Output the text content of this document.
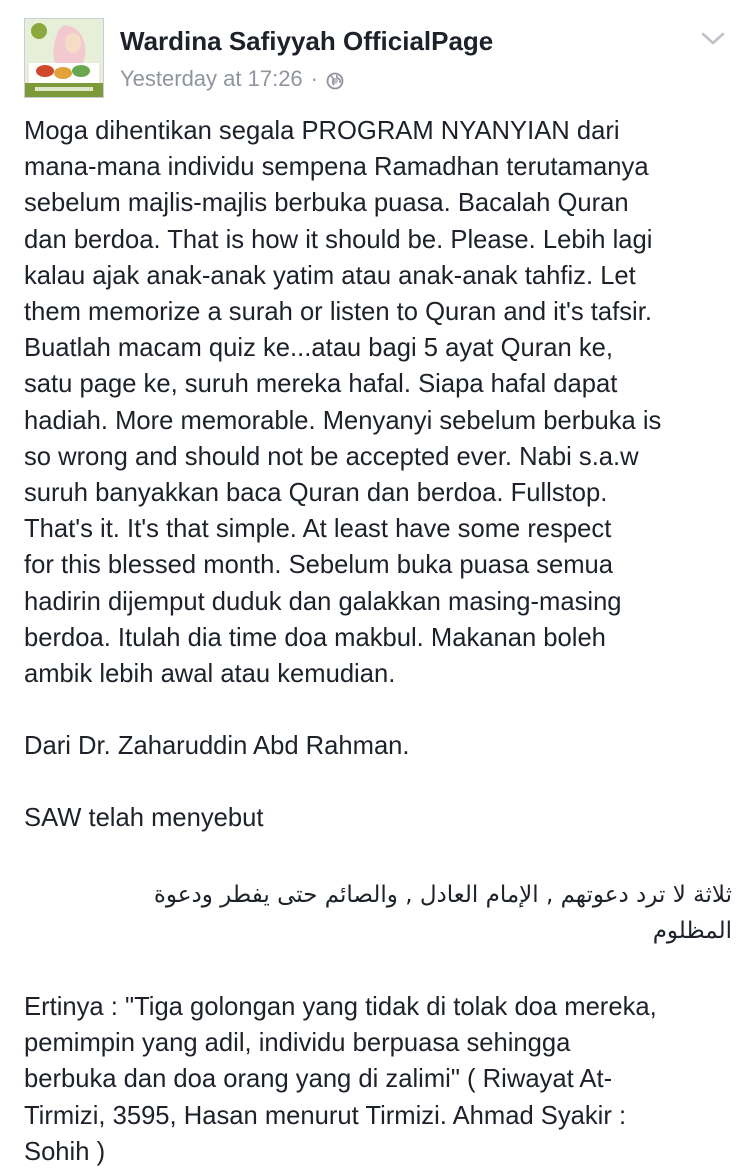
Wardina Safiyyah OfficialPage
Yesterday at 17:26 ·

Moga dihentikan segala PROGRAM NYANYIAN dari
mana-mana individu sempena Ramadhan terutamanya
sebelum majlis-majlis berbuka puasa. Bacalah Quran
dan berdoa. That is how it should be. Please. Lebih lagi
kalau ajak anak-anak yatim atau anak-anak tahfiz. Let
them memorize a surah or listen to Quran and it's tafsir.
Buatlah macam quiz ke...atau bagi 5 ayat Quran ke,
satu page ke, suruh mereka hafal. Siapa hafal dapat
hadiah. More memorable. Menyanyi sebelum berbuka is
so wrong and should not be accepted ever. Nabi s.a.w
suruh banyakkan baca Quran dan berdoa. Fullstop.
That's it. It's that simple. At least have some respect
for this blessed month. Sebelum buka puasa semua
hadirin dijemput duduk dan galakkan masing-masing
berdoa. Itulah dia time doa makbul. Makanan boleh
ambik lebih awal atau kemudian.

Dari Dr. Zaharuddin Abd Rahman.

SAW telah menyebut

ثلاثة لا ترد دعوتهم , الإمام العادل , والصائم حتى يفطر ودعوة المظلوم

Ertinya : "Tiga golongan yang tidak di tolak doa mereka,
pemimpin yang adil, individu berpuasa sehingga
berbuka dan doa orang yang di zalimi" ( Riwayat At-
Tirmizi, 3595, Hasan menurut Tirmizi. Ahmad Syakir :
Sohih )
